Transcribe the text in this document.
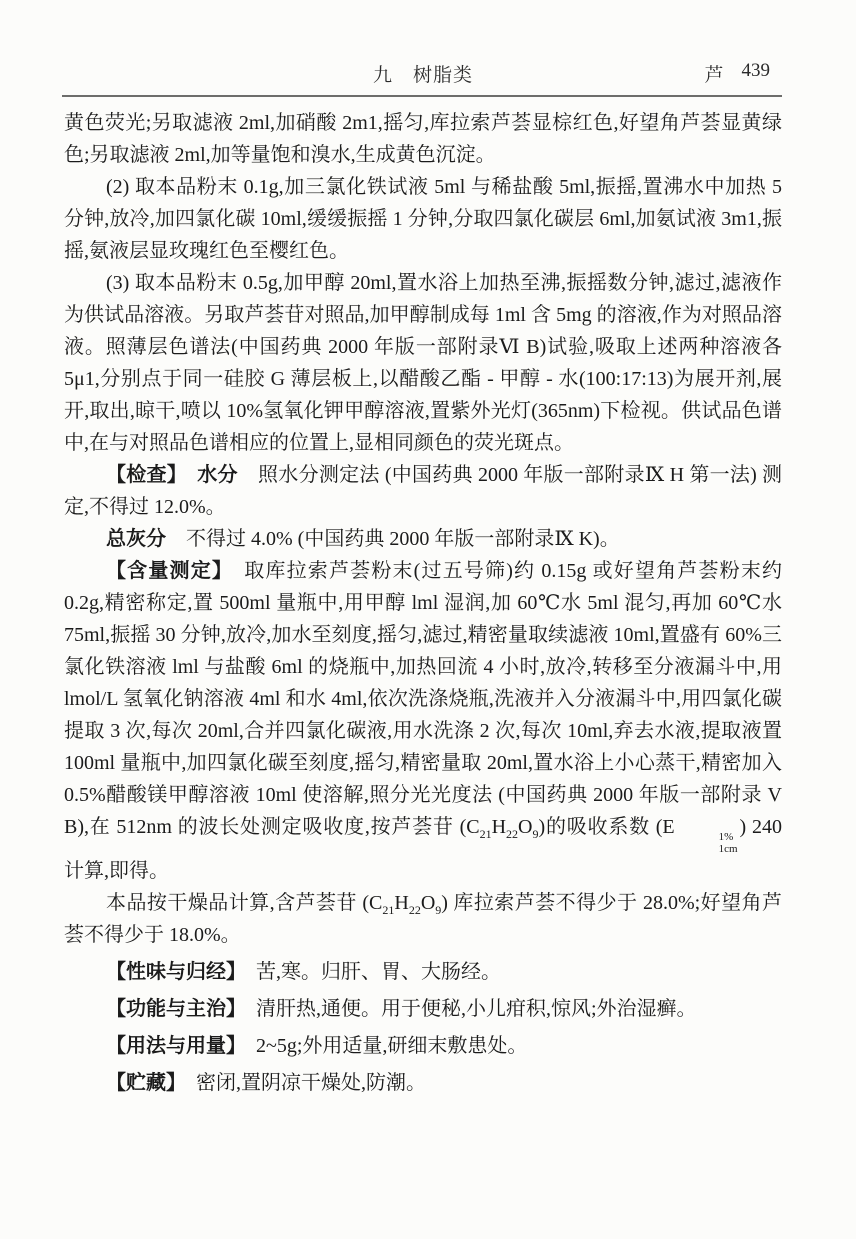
九　树脂类	芦 439

黄色荧光;另取滤液 2ml,加硝酸 2m1,摇匀,库拉索芦荟显棕红色,好望角芦荟显黄绿色;另取滤液 2ml,加等量饱和溴水,生成黄色沉淀。

(2) 取本品粉末 0.1g,加三氯化铁试液 5ml 与稀盐酸 5ml,振摇,置沸水中加热 5 分钟,放冷,加四氯化碳 10ml,缓缓振摇 1 分钟,分取四氯化碳层 6ml,加氨试液 3m1,振摇,氨液层显玫瑰红色至樱红色。

(3) 取本品粉末 0.5g,加甲醇 20ml,置水浴上加热至沸,振摇数分钟,滤过,滤液作为供试品溶液。另取芦荟苷对照品,加甲醇制成每 1ml 含 5mg 的溶液,作为对照品溶液。照薄层色谱法(中国药典 2000 年版一部附录Ⅵ B)试验,吸取上述两种溶液各 5μ1,分别点于同一硅胶 G 薄层板上,以醋酸乙酯 - 甲醇 - 水(100:17:13)为展开剂,展开,取出,晾干,喷以 10%氢氧化钾甲醇溶液,置紫外光灯(365nm)下检视。供试品色谱中,在与对照品色谱相应的位置上,显相同颜色的荧光斑点。

【检查】　水分　照水分测定法 (中国药典 2000 年版一部附录Ⅸ H 第一法) 测定,不得过 12.0%。

总灰分　不得过 4.0% (中国药典 2000 年版一部附录Ⅸ K)。

【含量测定】　取库拉索芦荟粉末(过五号筛)约 0.15g 或好望角芦荟粉末约 0.2g,精密称定,置 500ml 量瓶中,用甲醇 lml 湿润,加 60℃水 5ml 混匀,再加 60℃水 75ml,振摇 30 分钟,放冷,加水至刻度,摇匀,滤过,精密量取续滤液 10ml,置盛有 60%三氯化铁溶液 lml 与盐酸 6ml 的烧瓶中,加热回流 4 小时,放冷,转移至分液漏斗中,用 lmol/L 氢氧化钠溶液 4ml 和水 4ml,依次洗涤烧瓶,洗液并入分液漏斗中,用四氯化碳提取 3 次,每次 20ml,合并四氯化碳液,用水洗涤 2 次,每次 10ml,弃去水液,提取液置 100ml 量瓶中,加四氯化碳至刻度,摇匀,精密量取 20ml,置水浴上小心蒸干,精密加入 0.5%醋酸镁甲醇溶液 10ml 使溶解,照分光光度法 (中国药典 2000 年版一部附录 V B),在 512nm 的波长处测定吸收度,按芦荟苷 $(C_{21}H_{22}O_9)$的吸收系数 (E	1%
1cm
) 240 计算,即得。

本品按干燥品计算,含芦荟苷 $(C_{21}H_{22}O_9)$ 库拉索芦荟不得少于 28.0%;好望角芦荟不得少于 18.0%。

【性味与归经】　苦,寒。归肝、胃、大肠经。

【功能与主治】　清肝热,通便。用于便秘,小儿疳积,惊风;外治湿癣。

【用法与用量】　2~5g;外用适量,研细末敷患处。

【贮藏】　密闭,置阴凉干燥处,防潮。
